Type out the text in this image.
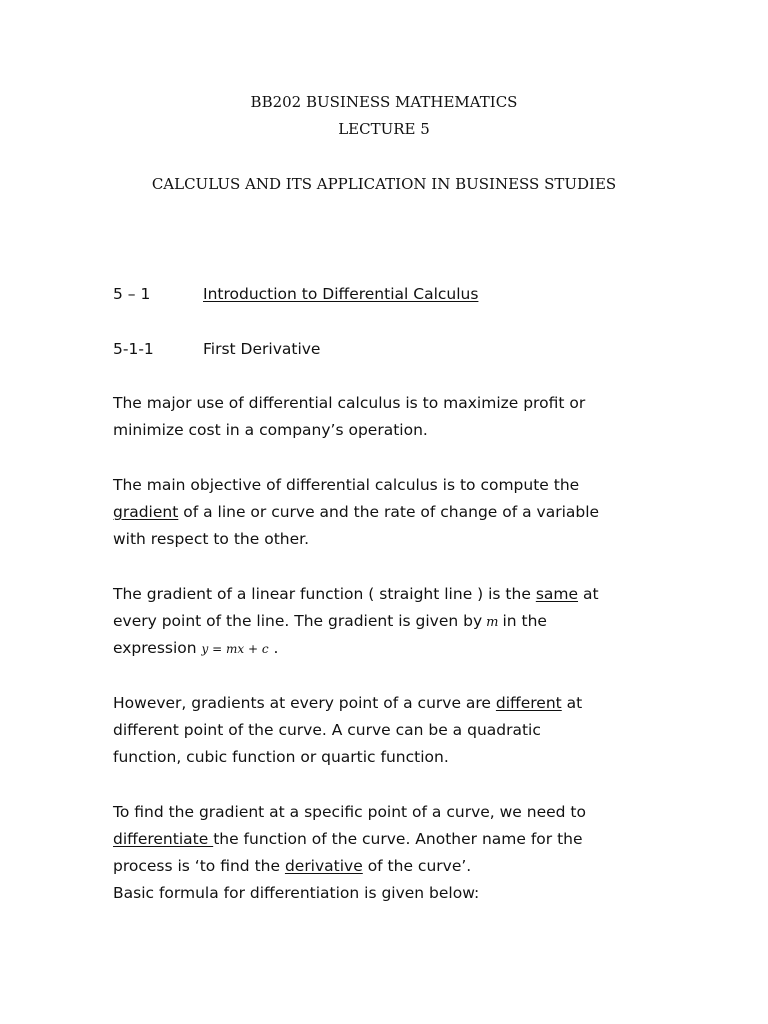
BB202 BUSINESS MATHEMATICS
LECTURE 5
CALCULUS AND ITS APPLICATION IN BUSINESS STUDIES
5 – 1	Introduction to Differential Calculus
5-1-1	First Derivative
The major use of differential calculus is to maximize profit or
minimize cost in a company’s operation.
The main objective of differential calculus is to compute the
gradient of a line or curve and the rate of change of a variable
with respect to the other.
The gradient of a linear function ( straight line ) is the same at
every point of the line. The gradient is given by m in the
expression y = mx + c .
However, gradients at every point of a curve are different at
different point of the curve. A curve can be a quadratic
function, cubic function or quartic function.
To find the gradient at a specific point of a curve, we need to
differentiate the function of the curve. Another name for the
process is ‘to find the derivative of the curve’.
Basic formula for differentiation is given below:
